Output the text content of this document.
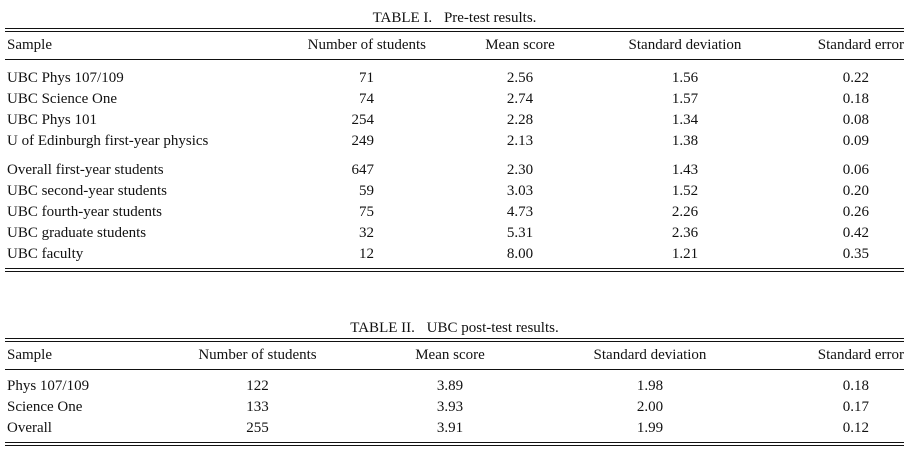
TABLE I. Pre-test results.
Sample	Number of students	Mean score	Standard deviation	Standard error
UBC Phys 107/109	71	2.56	1.56	0.22
UBC Science One	74	2.74	1.57	0.18
UBC Phys 101	254	2.28	1.34	0.08
U of Edinburgh first-year physics	249	2.13	1.38	0.09
Overall first-year students	647	2.30	1.43	0.06
UBC second-year students	59	3.03	1.52	0.20
UBC fourth-year students	75	4.73	2.26	0.26
UBC graduate students	32	5.31	2.36	0.42
UBC faculty	12	8.00	1.21	0.35
TABLE II. UBC post-test results.
Sample	Number of students	Mean score	Standard deviation	Standard error
Phys 107/109	122	3.89	1.98	0.18
Science One	133	3.93	2.00	0.17
Overall	255	3.91	1.99	0.12
